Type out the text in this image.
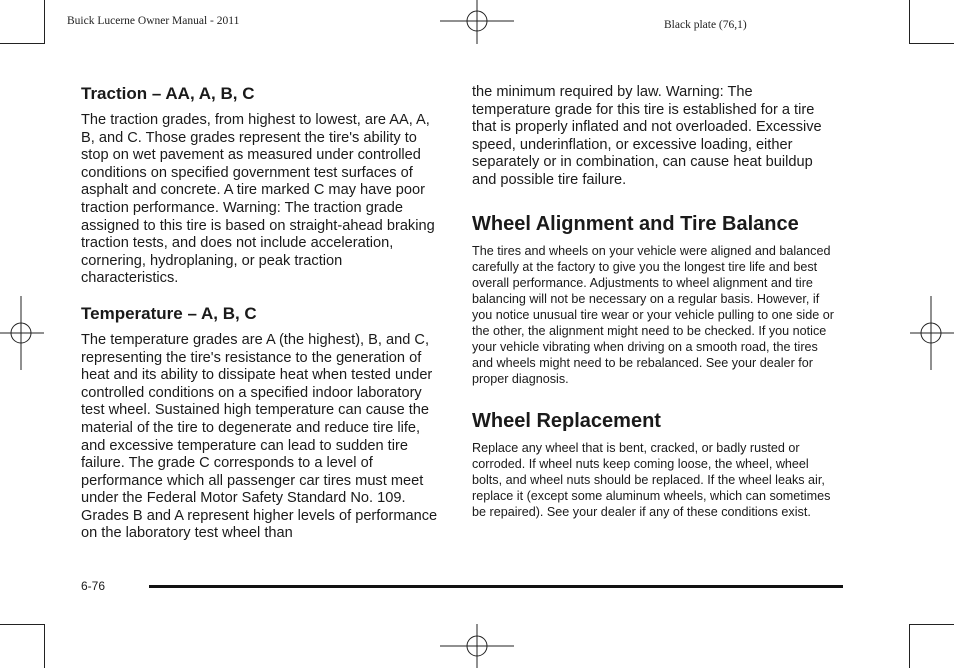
Buick Lucerne Owner Manual - 2011	Black plate (76,1)
Traction – AA, A, B, C

The traction grades, from highest to lowest, are AA, A, B, and C. Those grades represent the tire's ability to stop on wet pavement as measured under controlled conditions on specified government test surfaces of asphalt and concrete. A tire marked C may have poor traction performance. Warning: The traction grade assigned to this tire is based on straight-ahead braking traction tests, and does not include acceleration, cornering, hydroplaning, or peak traction characteristics.

Temperature – A, B, C

The temperature grades are A (the highest), B, and C, representing the tire's resistance to the generation of heat and its ability to dissipate heat when tested under controlled conditions on a specified indoor laboratory test wheel. Sustained high temperature can cause the material of the tire to degenerate and reduce tire life, and excessive temperature can lead to sudden tire failure. The grade C corresponds to a level of performance which all passenger car tires must meet under the Federal Motor Safety Standard No. 109. Grades B and A represent higher levels of performance on the laboratory test wheel than

the minimum required by law. Warning: The temperature grade for this tire is established for a tire that is properly inflated and not overloaded. Excessive speed, underinflation, or excessive loading, either separately or in combination, can cause heat buildup and possible tire failure.

Wheel Alignment and Tire Balance

The tires and wheels on your vehicle were aligned and balanced carefully at the factory to give you the longest tire life and best overall performance. Adjustments to wheel alignment and tire balancing will not be necessary on a regular basis. However, if you notice unusual tire wear or your vehicle pulling to one side or the other, the alignment might need to be checked. If you notice your vehicle vibrating when driving on a smooth road, the tires and wheels might need to be rebalanced. See your dealer for proper diagnosis.

Wheel Replacement

Replace any wheel that is bent, cracked, or badly rusted or corroded. If wheel nuts keep coming loose, the wheel, wheel bolts, and wheel nuts should be replaced. If the wheel leaks air, replace it (except some aluminum wheels, which can sometimes be repaired). See your dealer if any of these conditions exist.

6-76
